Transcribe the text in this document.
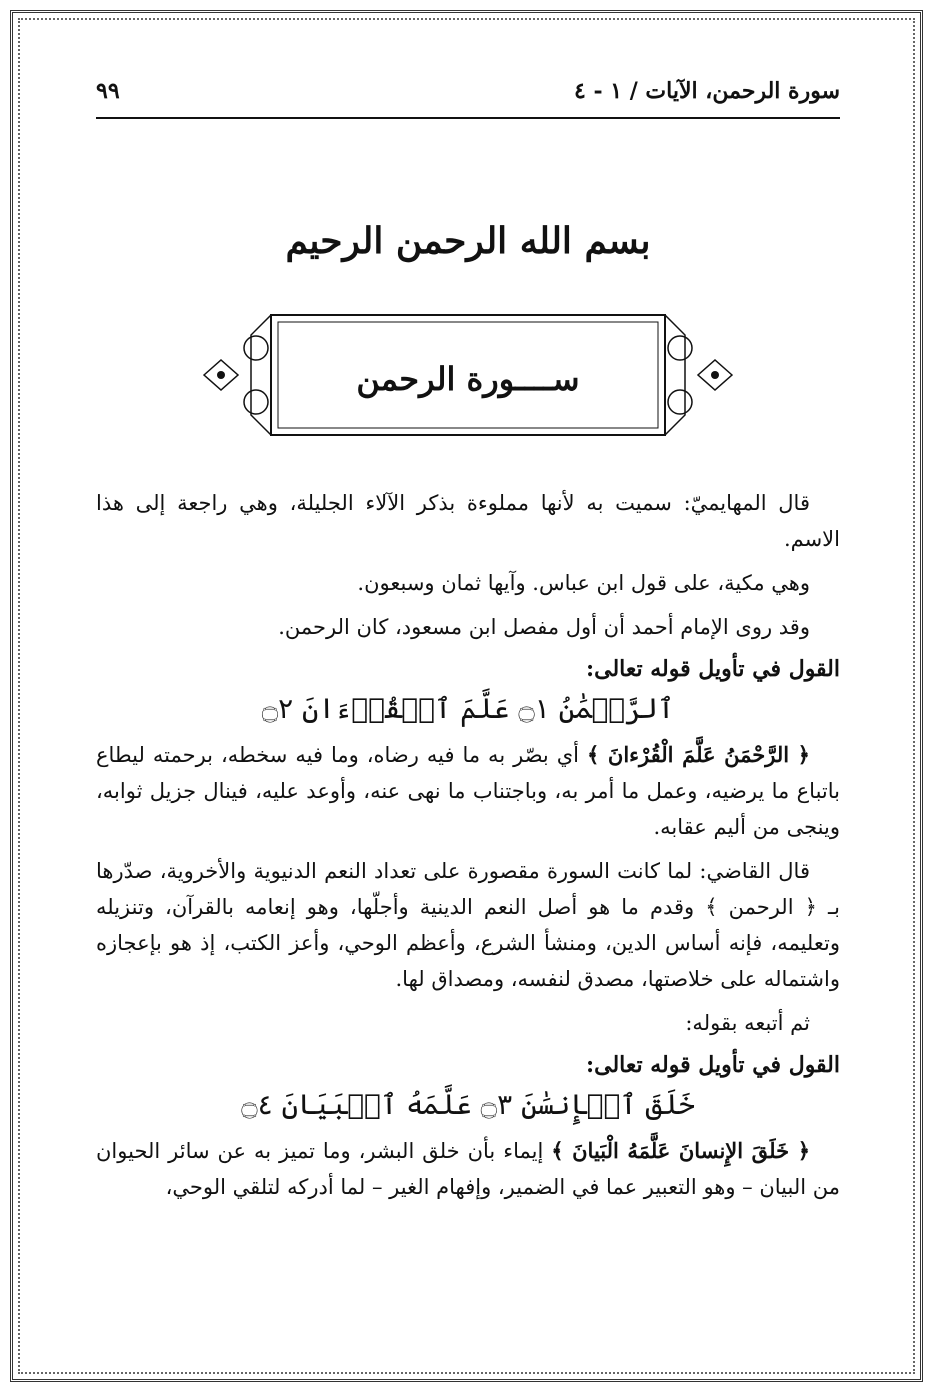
سورة الرحمن، الآيات / ١ - ٤
٩٩
بسم الله الرحمن الرحيم
ســــورة الرحمن

قال المهايميّ: سميت به لأنها مملوءة بذكر الآلاء الجليلة، وهي راجعة إلى هذا الاسم.

وهي مكية، على قول ابن عباس. وآيها ثمان وسبعون.

وقد روى الإمام أحمد أن أول مفصل ابن مسعود، كان الرحمن.

القول في تأويل قوله تعالى:

ٱلرَّحۡمَٰنُ ۝١ عَلَّمَ ٱلۡقُرۡءَانَ ۝٢

﴿ الرَّحْمَنُ عَلَّمَ الْقُرْءانَ ﴾ أي بصّر به ما فيه رضاه، وما فيه سخطه، برحمته ليطاع باتباع ما يرضيه، وعمل ما أمر به، وباجتناب ما نهى عنه، وأوعد عليه، فينال جزيل ثوابه، وينجى من أليم عقابه.

قال القاضي: لما كانت السورة مقصورة على تعداد النعم الدنيوية والأخروية، صدّرها بـ ﴿ الرحمن ﴾ وقدم ما هو أصل النعم الدينية وأجلّها، وهو إنعامه بالقرآن، وتنزيله وتعليمه، فإنه أساس الدين، ومنشأ الشرع، وأعظم الوحي، وأعز الكتب، إذ هو بإعجازه واشتماله على خلاصتها، مصدق لنفسه، ومصداق لها.

ثم أتبعه بقوله:

القول في تأويل قوله تعالى:

خَلَقَ ٱلۡإِنسَٰنَ ۝٣ عَلَّمَهُ ٱلۡبَيَانَ ۝٤

﴿ خَلَقَ الإِنسانَ عَلَّمَهُ الْبَيانَ ﴾ إيماء بأن خلق البشر، وما تميز به عن سائر الحيوان من البيان – وهو التعبير عما في الضمير، وإفهام الغير – لما أدركه لتلقي الوحي،
